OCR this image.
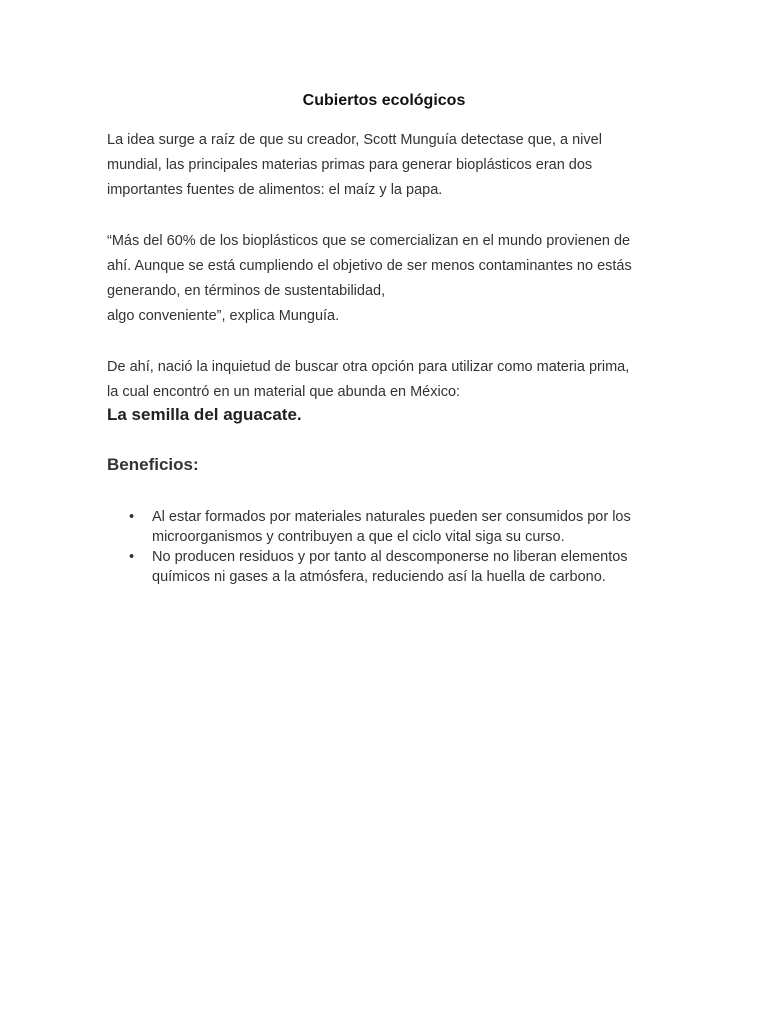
Cubiertos ecológicos

La idea surge a raíz de que su creador, Scott Munguía detectase que, a nivel
mundial, las principales materias primas para generar bioplásticos eran dos
importantes fuentes de alimentos: el maíz y la papa.

“Más del 60% de los bioplásticos que se comercializan en el mundo provienen de
ahí. Aunque se está cumpliendo el objetivo de ser menos contaminantes no estás
generando, en términos de sustentabilidad,
algo conveniente”, explica Munguía.

De ahí, nació la inquietud de buscar otra opción para utilizar como materia prima,
la cual encontró en un material que abunda en México:

La semilla del aguacate.

Beneficios:
• Al estar formados por materiales naturales pueden ser consumidos por los
microorganismos y contribuyen a que el ciclo vital siga su curso.
• No producen residuos y por tanto al descomponerse no liberan elementos
químicos ni gases a la atmósfera, reduciendo así la huella de carbono.
